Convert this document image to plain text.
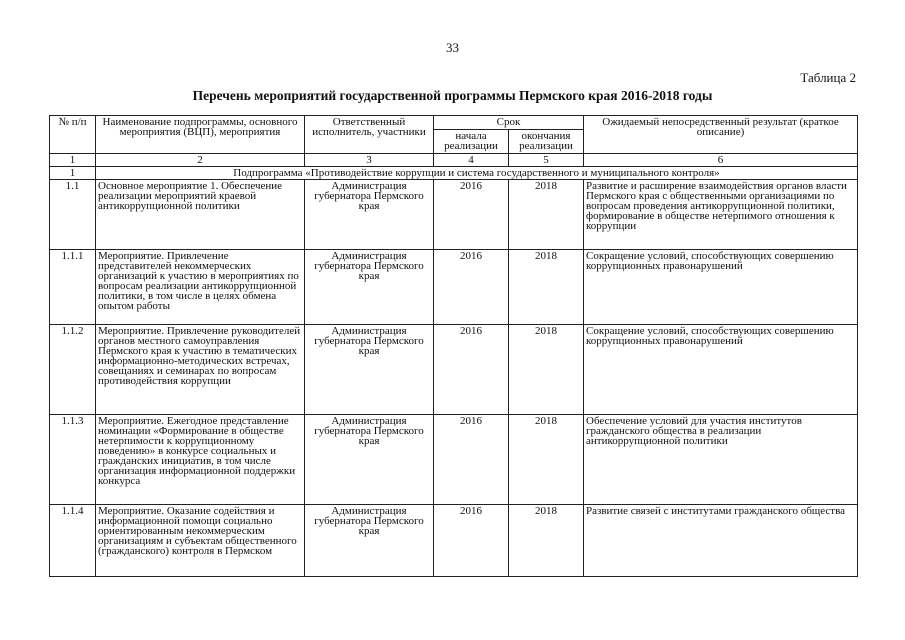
33
Таблица 2
Перечень мероприятий государственной программы Пермского края 2016-2018 годы
№ п/п	Наименование подпрограммы, основного мероприятия (ВЦП), мероприятия	Ответственный исполнитель, участники	Срок		Ожидаемый непосредственный результат (краткое описание)
			начала реализации	окончания реализации	
1	2	3	4	5	6
1	Подпрограмма «Противодействие коррупции и система государственного и муниципального контроля»				
1.1	Основное мероприятие 1. Обеспечение реализации мероприятий краевой антикоррупционной политики	Администрация губернатора Пермского края	2016	2018	Развитие и расширение взаимодействия органов власти Пермского края с общественными организациями по вопросам проведения антикоррупционной политики, формирование в обществе нетерпимого отношения к коррупции
1.1.1	Мероприятие. Привлечение представителей некоммерческих организаций к участию в мероприятиях по вопросам реализации антикоррупционной политики, в том числе в целях обмена опытом работы	Администрация губернатора Пермского края	2016	2018	Сокращение условий, способствующих совершению коррупционных правонарушений
1.1.2	Мероприятие. Привлечение руководителей органов местного самоуправления Пермского края к участию в тематических информационно-методических встречах, совещаниях и семинарах по вопросам противодействия коррупции	Администрация губернатора Пермского края	2016	2018	Сокращение условий, способствующих совершению коррупционных правонарушений
1.1.3	Мероприятие. Ежегодное представление номинации «Формирование в обществе нетерпимости к коррупционному поведению» в конкурсе социальных и гражданских инициатив, в том числе организация информационной поддержки конкурса	Администрация губернатора Пермского края	2016	2018	Обеспечение условий для участия институтов гражданского общества в реализации антикоррупционной политики
1.1.4	Мероприятие. Оказание содействия и информационной помощи социально ориентированным некоммерческим организациям и субъектам общественного (гражданского) контроля в Пермском	Администрация губернатора Пермского края	2016	2018	Развитие связей с институтами гражданского общества
